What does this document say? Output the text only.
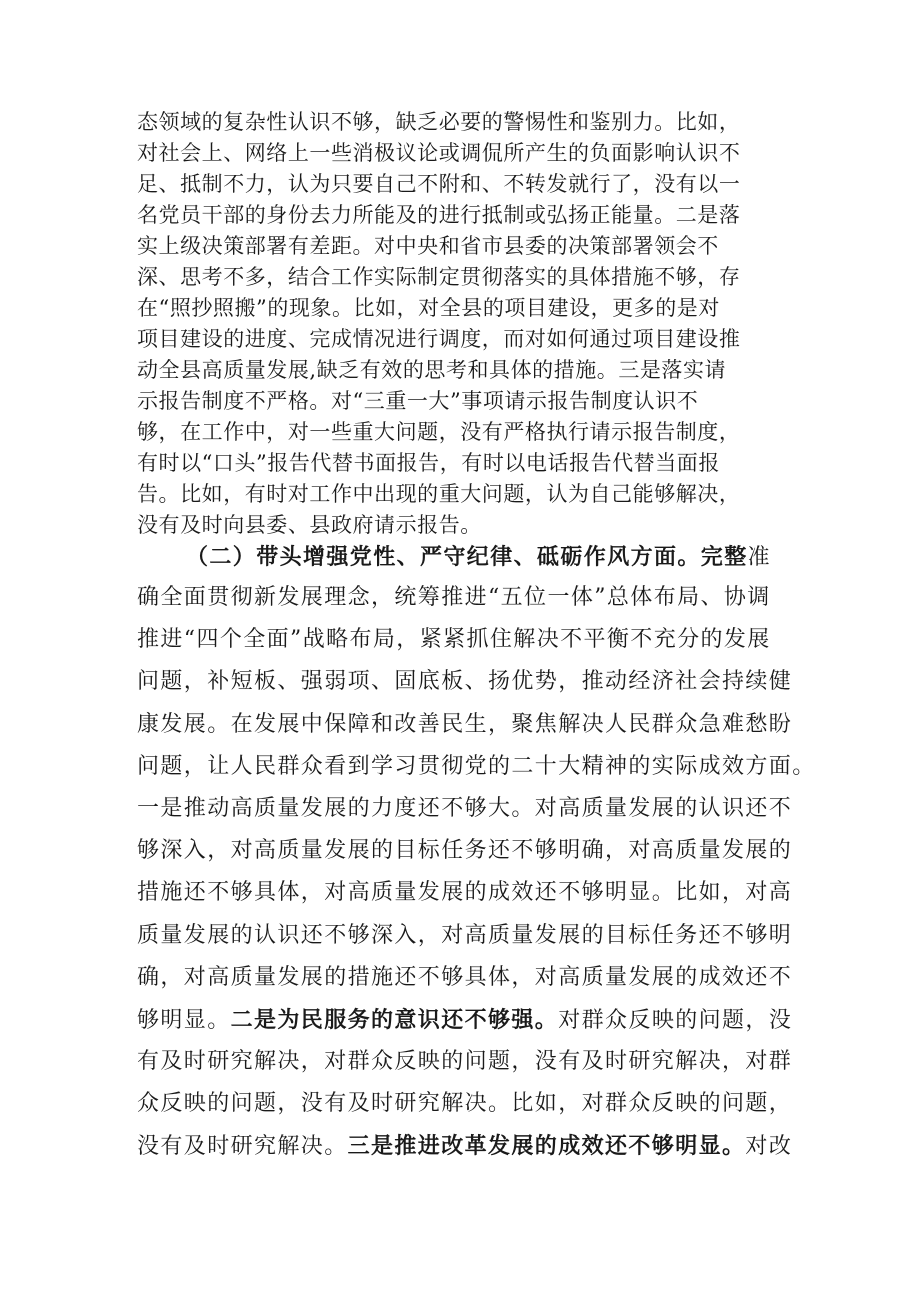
态领域的复杂性认识不够，缺乏必要的警惕性和鉴别力。比如，
对社会上、网络上一些消极议论或调侃所产生的负面影响认识不
足、抵制不力，认为只要自己不附和、不转发就行了，没有以一
名党员干部的身份去力所能及的进行抵制或弘扬正能量。二是落
实上级决策部署有差距。对中央和省市县委的决策部署领会不
深、思考不多，结合工作实际制定贯彻落实的具体措施不够，存
在“照抄照搬”的现象。比如，对全县的项目建设，更多的是对
项目建设的进度、完成情况进行调度，而对如何通过项目建设推
动全县高质量发展,缺乏有效的思考和具体的措施。三是落实请
示报告制度不严格。对“三重一大”事项请示报告制度认识不
够，在工作中，对一些重大问题，没有严格执行请示报告制度，
有时以“口头”报告代替书面报告，有时以电话报告代替当面报
告。比如，有时对工作中出现的重大问题，认为自己能够解决，
没有及时向县委、县政府请示报告。
（二）带头增强党性、严守纪律、砥砺作风方面。完整准
确全面贯彻新发展理念，统筹推进“五位一体”总体布局、协调
推进“四个全面”战略布局，紧紧抓住解决不平衡不充分的发展
问题，补短板、强弱项、固底板、扬优势，推动经济社会持续健
康发展。在发展中保障和改善民生，聚焦解决人民群众急难愁盼
问题，让人民群众看到学习贯彻党的二十大精神的实际成效方面。
一是推动高质量发展的力度还不够大。对高质量发展的认识还不
够深入，对高质量发展的目标任务还不够明确，对高质量发展的
措施还不够具体，对高质量发展的成效还不够明显。比如，对高
质量发展的认识还不够深入，对高质量发展的目标任务还不够明
确，对高质量发展的措施还不够具体，对高质量发展的成效还不
够明显。二是为民服务的意识还不够强。对群众反映的问题，没
有及时研究解决，对群众反映的问题，没有及时研究解决，对群
众反映的问题，没有及时研究解决。比如，对群众反映的问题，
没有及时研究解决。三是推进改革发展的成效还不够明显。对改
